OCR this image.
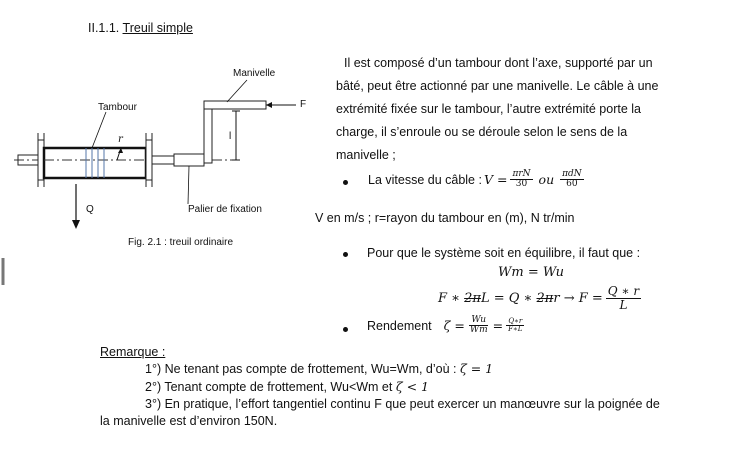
II.1.1. Treuil simple
Manivelle
Tambour
r	l
F
Q	Palier de fixation
Fig. 2.1 : treuil ordinaire
Il est composé d’un tambour dont l’axe, supporté par un
bâté, peut être actionné par une manivelle. Le câble à une
extrémité fixée sur le tambour, l’autre extrémité porte la
charge, il s’enroule ou se déroule selon le sens de la
manivelle ;
La vitesse du câble : $V = \frac{\text{πrN}}{30}$ ou $\frac{\text{πdN}}{60}$
V en m/s ; r=rayon du tambour en (m), N tr/min
Pour que le système soit en équilibre, il faut que :
Wm = Wu
F ∗ 2π L = Q ∗ 2π $r \to F = \frac{Q ∗ r}{L}$
Rendement $\zeta = \frac{Wu}{Wm} = \frac{Q∗r}{F∗L}$
Remarque :
1°) Ne tenant pas compte de frottement, Wu=Wm, d’où : ζ = 1
2°) Tenant compte de frottement, Wu<Wm et ζ < 1
3°) En pratique, l’effort tangentiel continu F que peut exercer un manœuvre sur la poignée de
la manivelle est d’environ 150N.
